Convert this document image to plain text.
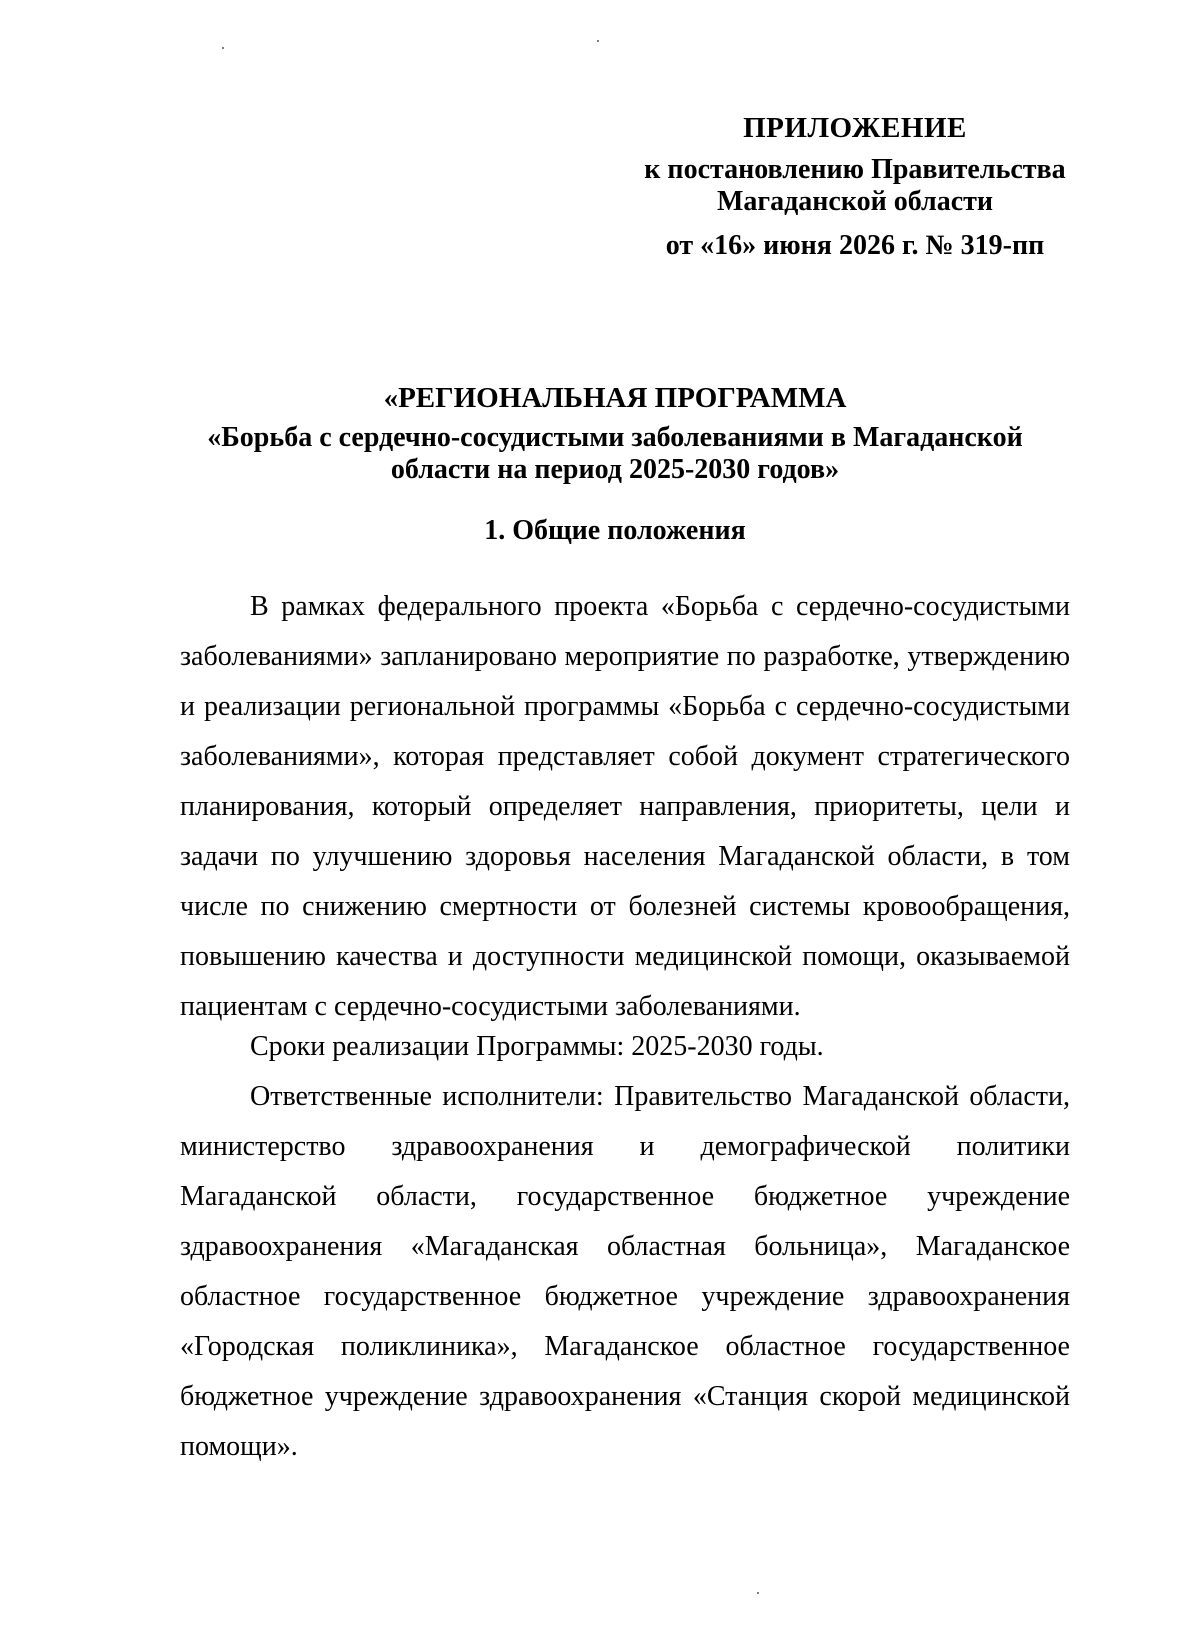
ПРИЛОЖЕНИЕ
к постановлению Правительства
Магаданской области
от «16» июня 2026 г. № 319-пп
«РЕГИОНАЛЬНАЯ ПРОГРАММА
«Борьба с сердечно-сосудистыми заболеваниями в Магаданской области на период 2025-2030 годов»
1. Общие положения

В рамках федерального проекта «Борьба с сердечно-сосудистыми заболеваниями» запланировано мероприятие по разработке, утверждению и реализации региональной программы «Борьба с сердечно-сосудистыми заболеваниями», которая представляет собой документ стратегического планирования, который определяет направления, приоритеты, цели и задачи по улучшению здоровья населения Магаданской области, в том числе по снижению смертности от болезней системы кровообращения, повышению качества и доступности медицинской помощи, оказываемой пациентам с сердечно-сосудистыми заболеваниями.

Сроки реализации Программы: 2025-2030 годы.

Ответственные исполнители: Правительство Магаданской области, министерство здравоохранения и демографической политики Магаданской области, государственное бюджетное учреждение здравоохранения «Магаданская областная больница», Магаданское областное государственное бюджетное учреждение здравоохранения «Городская поликлиника», Магаданское областное государственное бюджетное учреждение здравоохранения «Станция скорой медицинской помощи».
